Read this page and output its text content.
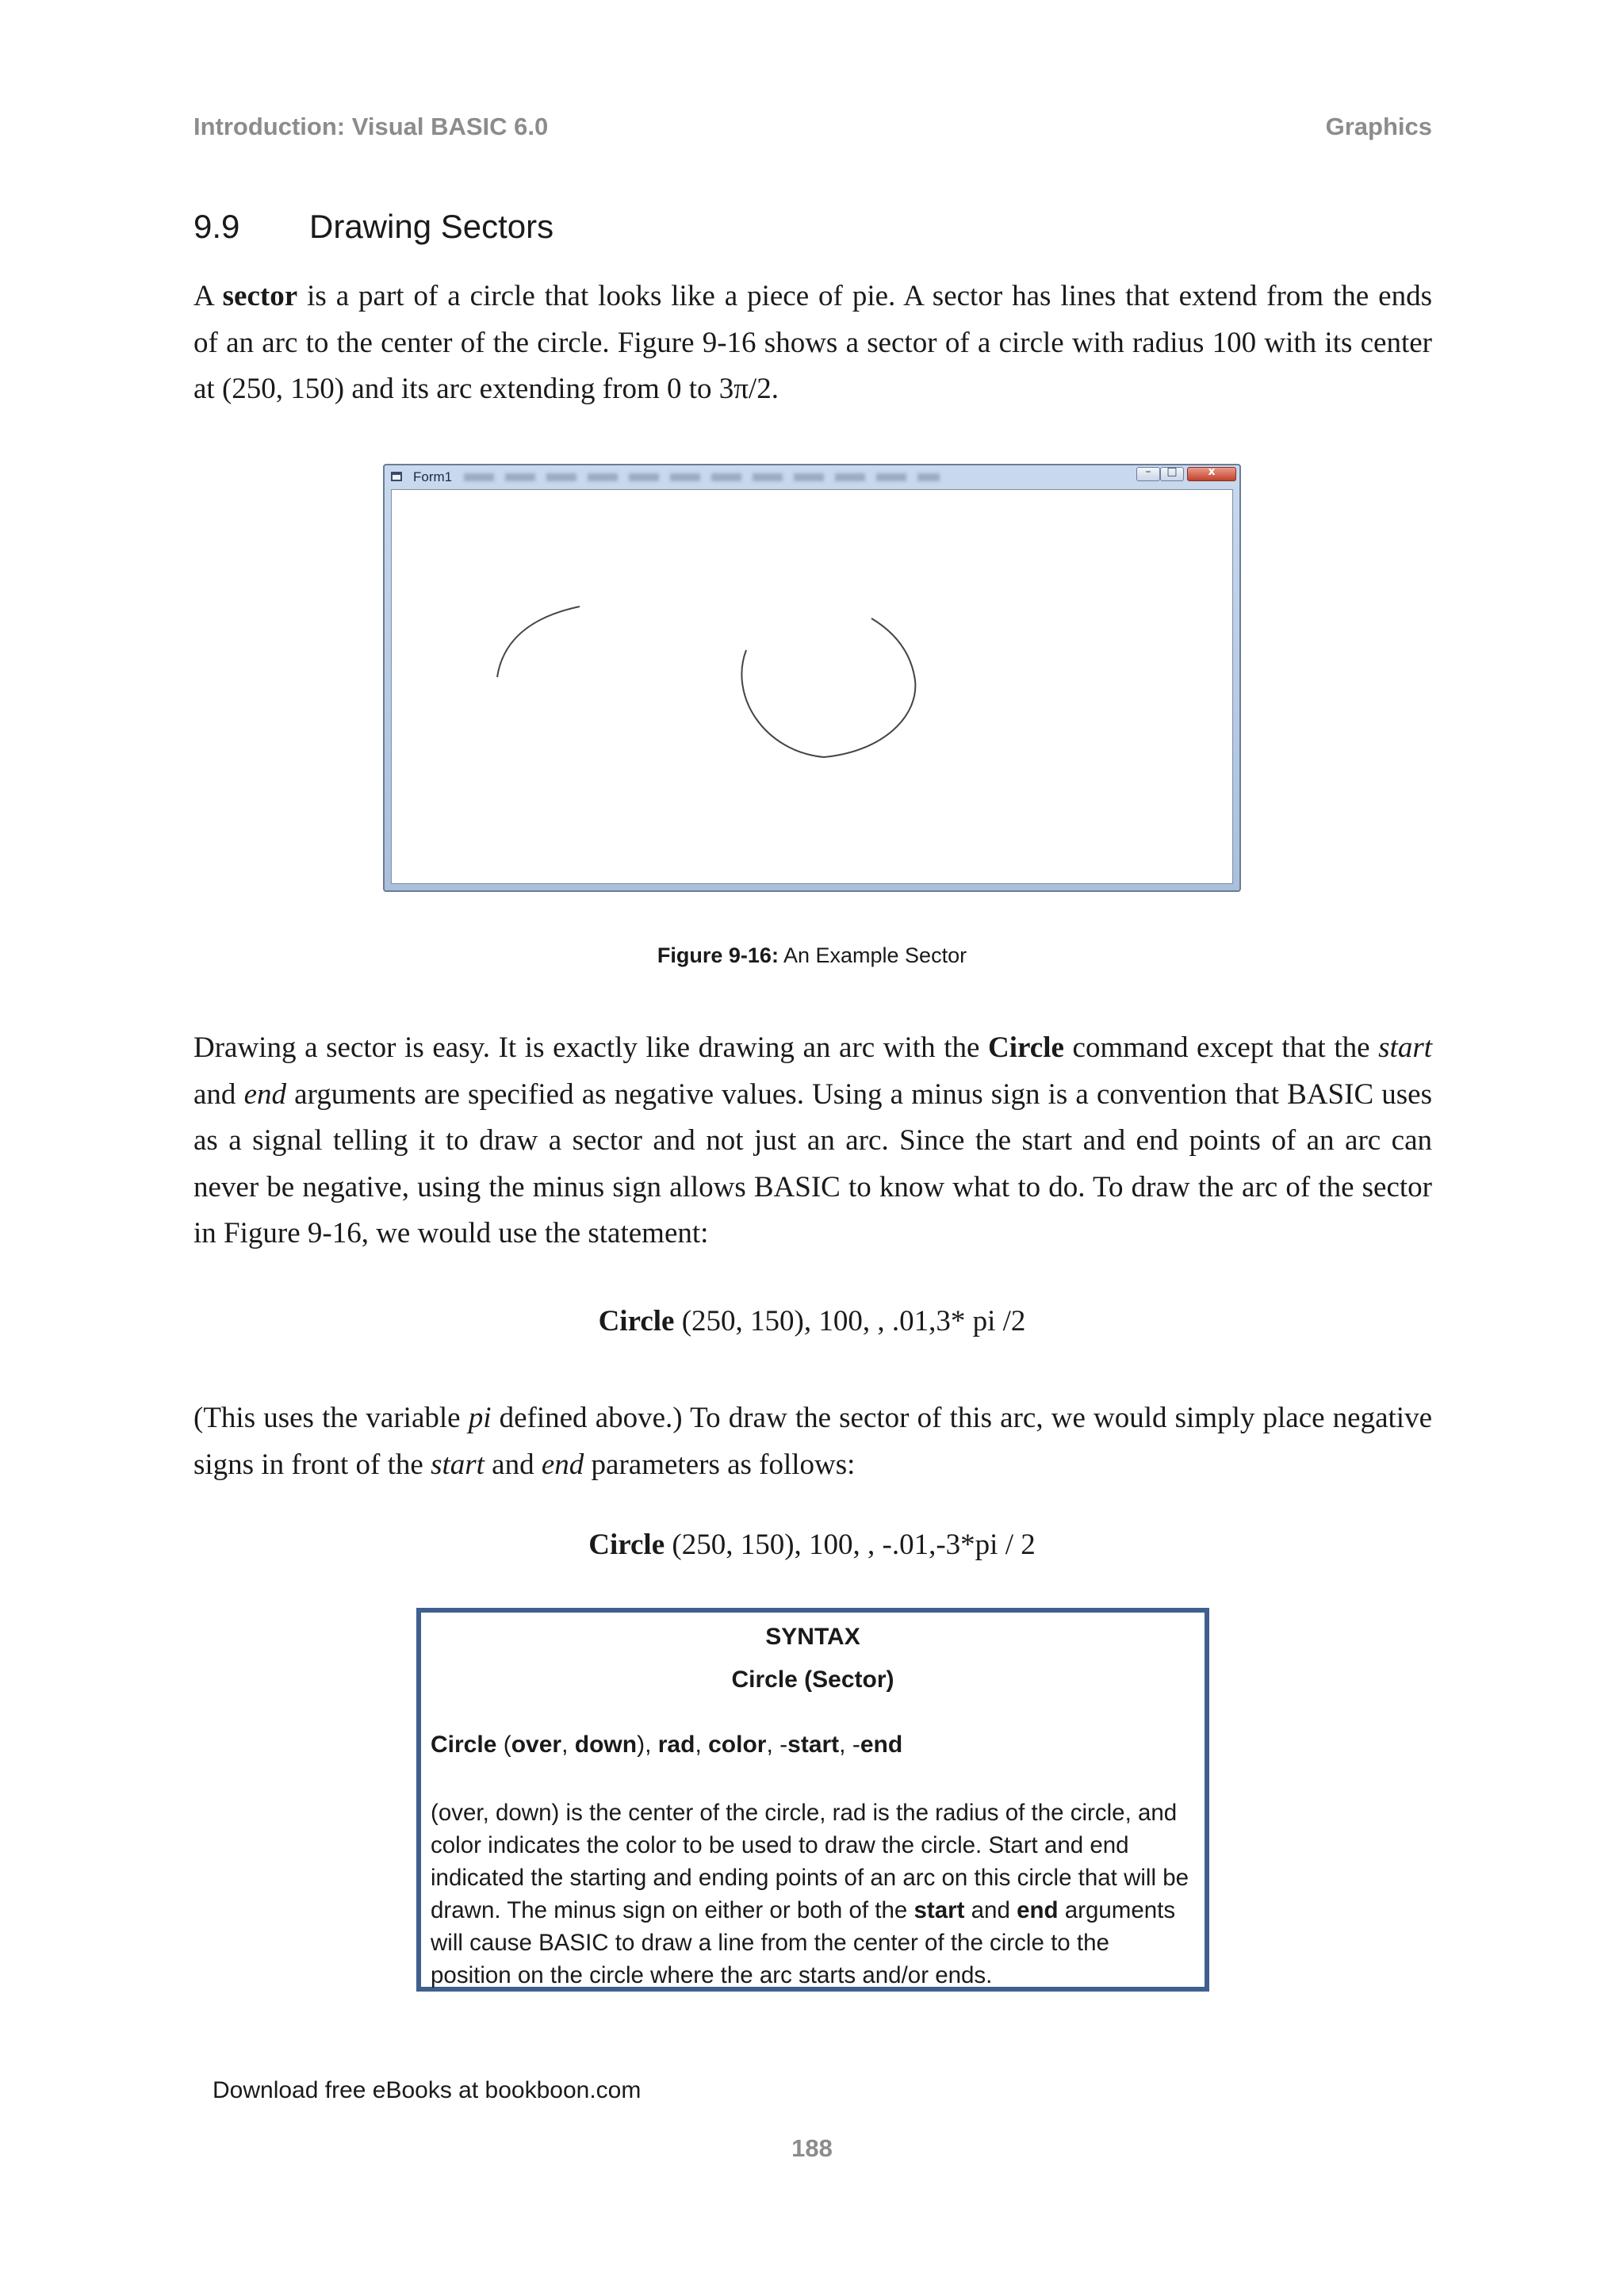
Introduction: Visual BASIC 6.0	Graphics
9.9 Drawing Sectors
A sector is a part of a circle that looks like a piece of pie. A sector has lines that extend from the ends
of an arc to the center of the circle. Figure 9-16 shows a sector of a circle with radius 100 with its center
at (250, 150) and its arc extending from 0 to 3π/2.
Form1	–	□	x
Figure 9-16: An Example Sector
Drawing a sector is easy. It is exactly like drawing an arc with the Circle command except that the start
and end arguments are specified as negative values. Using a minus sign is a convention that BASIC uses
as a signal telling it to draw a sector and not just an arc. Since the start and end points of an arc can
never be negative, using the minus sign allows BASIC to know what to do. To draw the arc of the sector
in Figure 9-16, we would use the statement:
Circle (250, 150), 100, , .01,3* pi /2
(This uses the variable pi defined above.) To draw the sector of this arc, we would simply place negative
signs in front of the start and end parameters as follows:
Circle (250, 150), 100, , -.01,-3*pi / 2
SYNTAX
Circle (Sector)
Circle (over, down), rad, color, -start, -end
(over, down) is the center of the circle, rad is the radius of the circle, and color indicates the color to be used to draw the circle. Start and end indicated the starting and ending points of an arc on this circle that will be drawn. The minus sign on either or both of the start and end arguments will cause BASIC to draw a line from the center of the circle to the position on the circle where the arc starts and/or ends.
Download free eBooks at bookboon.com
188
